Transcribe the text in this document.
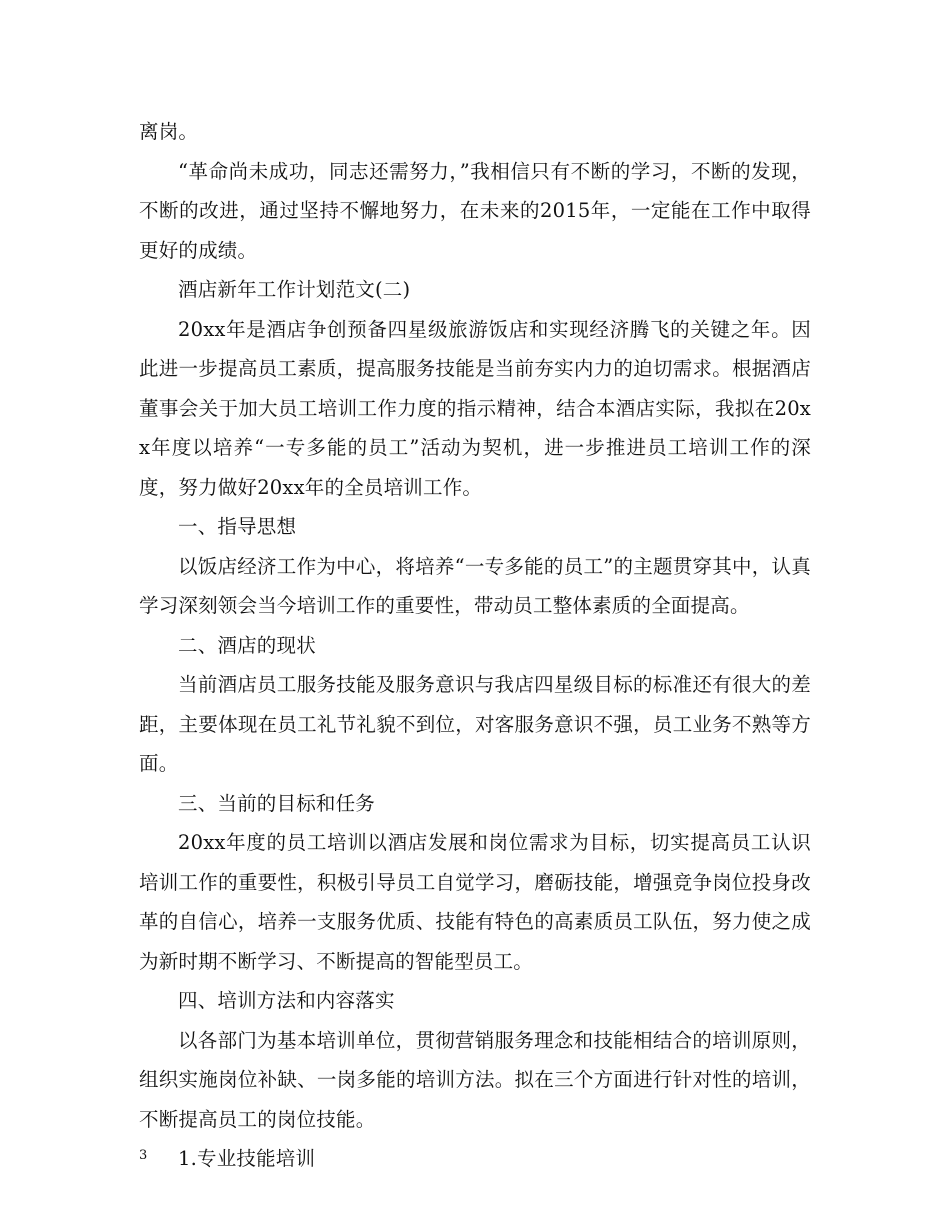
离岗。

“革命尚未成功，同志还需努力，”我相信只有不断的学习，不断的发现，不断的改进，通过坚持不懈地努力，在未来的2015年，一定能在工作中取得更好的成绩。

酒店新年工作计划范文(二)

20xx年是酒店争创预备四星级旅游饭店和实现经济腾飞的关键之年。因此进一步提高员工素质，提高服务技能是当前夯实内力的迫切需求。根据酒店董事会关于加大员工培训工作力度的指示精神，结合本酒店实际，我拟在20xx年度以培养“一专多能的员工”活动为契机，进一步推进员工培训工作的深度，努力做好20xx年的全员培训工作。

一、指导思想

以饭店经济工作为中心，将培养“一专多能的员工”的主题贯穿其中，认真学习深刻领会当今培训工作的重要性，带动员工整体素质的全面提高。

二、酒店的现状

当前酒店员工服务技能及服务意识与我店四星级目标的标准还有很大的差距，主要体现在员工礼节礼貌不到位，对客服务意识不强，员工业务不熟等方面。

三、当前的目标和任务

20xx年度的员工培训以酒店发展和岗位需求为目标，切实提高员工认识培训工作的重要性，积极引导员工自觉学习，磨砺技能，增强竞争岗位投身改革的自信心，培养一支服务优质、技能有特色的高素质员工队伍，努力使之成为新时期不断学习、不断提高的智能型员工。

四、培训方法和内容落实

以各部门为基本培训单位，贯彻营销服务理念和技能相结合的培训原则，组织实施岗位补缺、一岗多能的培训方法。拟在三个方面进行针对性的培训，不断提高员工的岗位技能。

1.专业技能培训

3
